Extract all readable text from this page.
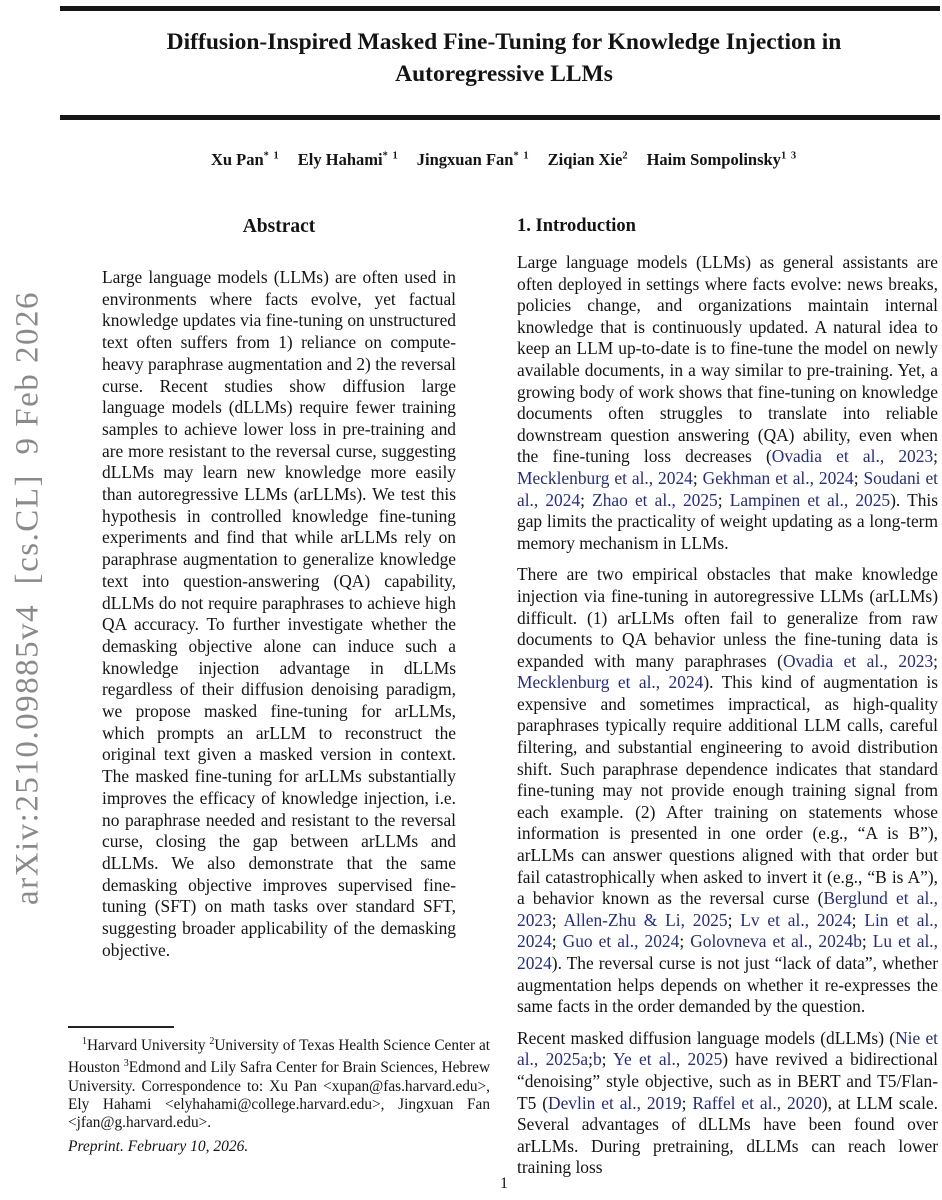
Diffusion-Inspired Masked Fine-Tuning for Knowledge Injection in
Autoregressive LLMs
Xu Pan$^{* 1}$ Ely Hahami$^{* 1}$ Jingxuan Fan$^{* 1}$ Ziqian Xie$^2$ Haim Sompolinsky$^{1 3}$
Abstract

Large language models (LLMs) are often used in environments where facts evolve, yet factual knowledge updates via fine-tuning on unstructured text often suffers from 1) reliance on compute-heavy paraphrase augmentation and 2) the reversal curse. Recent studies show diffusion large language models (dLLMs) require fewer training samples to achieve lower loss in pre-training and are more resistant to the reversal curse, suggesting dLLMs may learn new knowledge more easily than autoregressive LLMs (arLLMs). We test this hypothesis in controlled knowledge fine-tuning experiments and find that while arLLMs rely on paraphrase augmentation to generalize knowledge text into question-answering (QA) capability, dLLMs do not require paraphrases to achieve high QA accuracy. To further investigate whether the demasking objective alone can induce such a knowledge injection advantage in dLLMs regardless of their diffusion denoising paradigm, we propose masked fine-tuning for arLLMs, which prompts an arLLM to reconstruct the original text given a masked version in context. The masked fine-tuning for arLLMs substantially improves the efficacy of knowledge injection, i.e. no paraphrase needed and resistant to the reversal curse, closing the gap between arLLMs and dLLMs. We also demonstrate that the same demasking objective improves supervised fine-tuning (SFT) on math tasks over standard SFT, suggesting broader applicability of the demasking objective.

1. Introduction

Large language models (LLMs) as general assistants are often deployed in settings where facts evolve: news breaks, policies change, and organizations maintain internal knowledge that is continuously updated. A natural idea to keep an LLM up-to-date is to fine-tune the model on newly available documents, in a way similar to pre-training. Yet, a growing body of work shows that fine-tuning on knowledge documents often struggles to translate into reliable downstream question answering (QA) ability, even when the fine-tuning loss decreases (Ovadia et al., 2023; Mecklenburg et al., 2024; Gekhman et al., 2024; Soudani et al., 2024; Zhao et al., 2025; Lampinen et al., 2025). This gap limits the practicality of weight updating as a long-term memory mechanism in LLMs.

There are two empirical obstacles that make knowledge injection via fine-tuning in autoregressive LLMs (arLLMs) difficult. (1) arLLMs often fail to generalize from raw documents to QA behavior unless the fine-tuning data is expanded with many paraphrases (Ovadia et al., 2023; Mecklenburg et al., 2024). This kind of augmentation is expensive and sometimes impractical, as high-quality paraphrases typically require additional LLM calls, careful filtering, and substantial engineering to avoid distribution shift. Such paraphrase dependence indicates that standard fine-tuning may not provide enough training signal from each example. (2) After training on statements whose information is presented in one order (e.g., “A is B”), arLLMs can answer questions aligned with that order but fail catastrophically when asked to invert it (e.g., “B is A”), a behavior known as the reversal curse (Berglund et al., 2023; Allen-Zhu & Li, 2025; Lv et al., 2024; Lin et al., 2024; Guo et al., 2024; Golovneva et al., 2024b; Lu et al., 2024). The reversal curse is not just “lack of data”, whether augmentation helps depends on whether it re-expresses the same facts in the order demanded by the question.

Recent masked diffusion language models (dLLMs) (Nie et al., 2025a;b; Ye et al., 2025) have revived a bidirectional “denoising” style objective, such as in BERT and T5/Flan-T5 (Devlin et al., 2019; Raffel et al., 2020), at LLM scale. Several advantages of dLLMs have been found over arLLMs. During pretraining, dLLMs can reach lower training loss

$^1$Harvard University $^2$University of Texas Health Science Center at Houston $^3$Edmond and Lily Safra Center for Brain Sciences, Hebrew University. Correspondence to: Xu Pan <xupan@fas.harvard.edu>, Ely Hahami <elyhahami@college.harvard.edu>, Jingxuan Fan <jfan@g.harvard.edu>.

Preprint. February 10, 2026.
1
arXiv:2510.09885v4  [cs.CL]  9 Feb 2026
